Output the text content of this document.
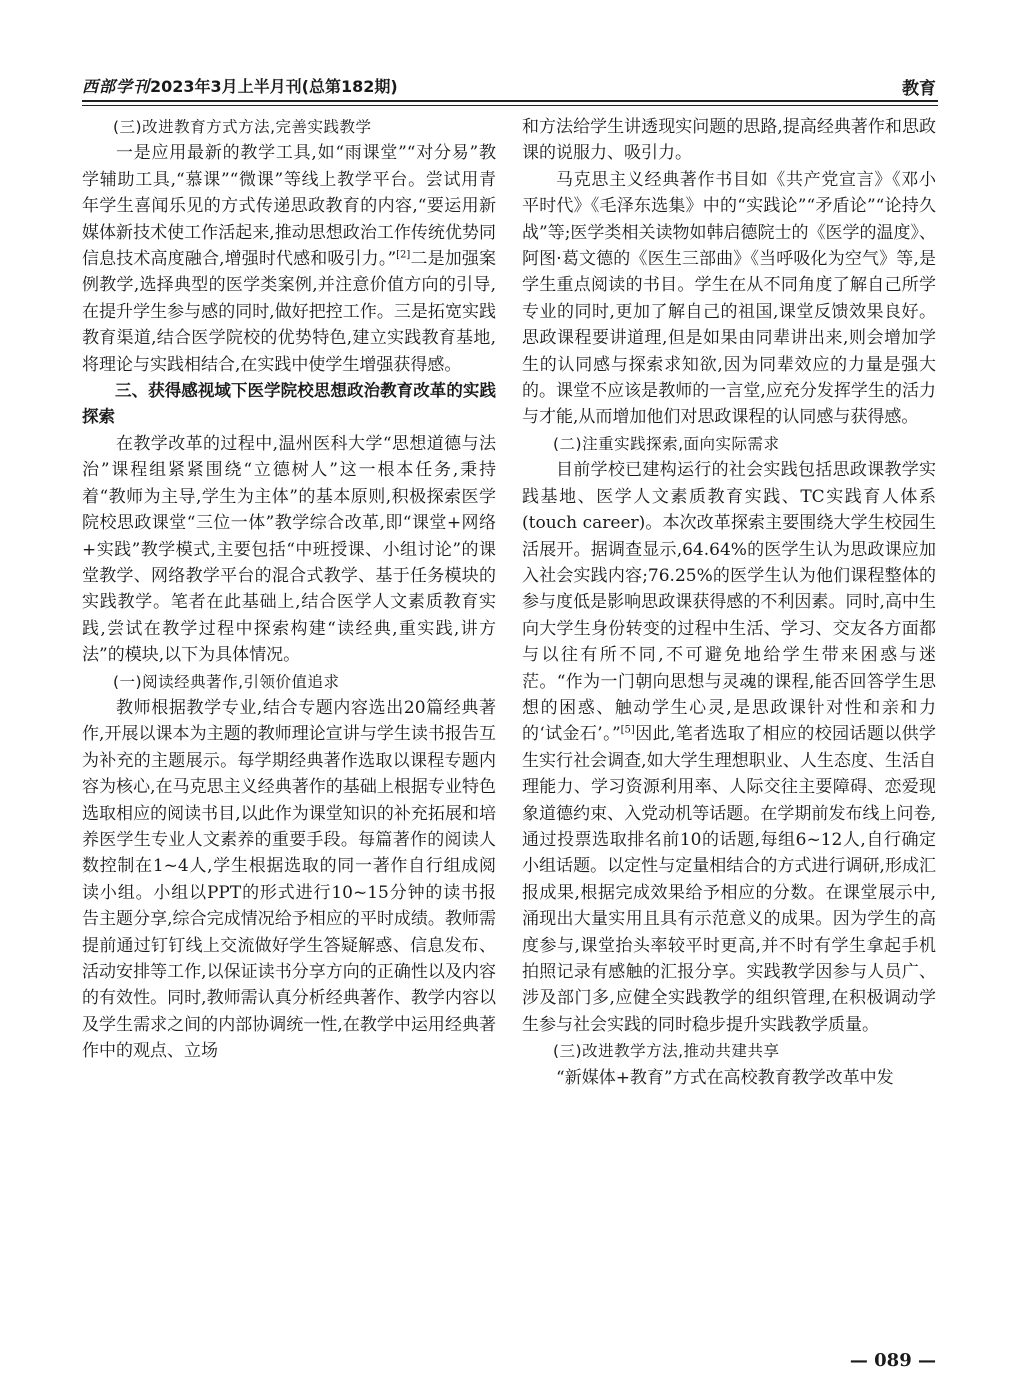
西部学刊2023年3月上半月刊(总第182期)	教育
(三)改进教育方式方法,完善实践教学

一是应用最新的教学工具,如“雨课堂”“对分易”教学辅助工具,“慕课”“微课”等线上教学平台。尝试用青年学生喜闻乐见的方式传递思政教育的内容,“要运用新媒体新技术使工作活起来,推动思想政治工作传统优势同信息技术高度融合,增强时代感和吸引力。”[2]二是加强案例教学,选择典型的医学类案例,并注意价值方向的引导,在提升学生参与感的同时,做好把控工作。三是拓宽实践教育渠道,结合医学院校的优势特色,建立实践教育基地,将理论与实践相结合,在实践中使学生增强获得感。

三、获得感视域下医学院校思想政治教育改革的实践探索

在教学改革的过程中,温州医科大学“思想道德与法治”课程组紧紧围绕“立德树人”这一根本任务,秉持着“教师为主导,学生为主体”的基本原则,积极探索医学院校思政课堂“三位一体”教学综合改革,即“课堂+网络+实践”教学模式,主要包括“中班授课、小组讨论”的课堂教学、网络教学平台的混合式教学、基于任务模块的实践教学。笔者在此基础上,结合医学人文素质教育实践,尝试在教学过程中探索构建“读经典,重实践,讲方法”的模块,以下为具体情况。

(一)阅读经典著作,引领价值追求

教师根据教学专业,结合专题内容选出20篇经典著作,开展以课本为主题的教师理论宣讲与学生读书报告互为补充的主题展示。每学期经典著作选取以课程专题内容为核心,在马克思主义经典著作的基础上根据专业特色选取相应的阅读书目,以此作为课堂知识的补充拓展和培养医学生专业人文素养的重要手段。每篇著作的阅读人数控制在1~4人,学生根据选取的同一著作自行组成阅读小组。小组以PPT的形式进行10~15分钟的读书报告主题分享,综合完成情况给予相应的平时成绩。教师需提前通过钉钉线上交流做好学生答疑解惑、信息发布、活动安排等工作,以保证读书分享方向的正确性以及内容的有效性。同时,教师需认真分析经典著作、教学内容以及学生需求之间的内部协调统一性,在教学中运用经典著作中的观点、立场

和方法给学生讲透现实问题的思路,提高经典著作和思政课的说服力、吸引力。

马克思主义经典著作书目如《共产党宣言》《邓小平时代》《毛泽东选集》中的“实践论”“矛盾论”“论持久战”等;医学类相关读物如韩启德院士的《医学的温度》、阿图·葛文德的《医生三部曲》《当呼吸化为空气》等,是学生重点阅读的书目。学生在从不同角度了解自己所学专业的同时,更加了解自己的祖国,课堂反馈效果良好。思政课程要讲道理,但是如果由同辈讲出来,则会增加学生的认同感与探索求知欲,因为同辈效应的力量是强大的。课堂不应该是教师的一言堂,应充分发挥学生的活力与才能,从而增加他们对思政课程的认同感与获得感。

(二)注重实践探索,面向实际需求

目前学校已建构运行的社会实践包括思政课教学实践基地、医学人文素质教育实践、TC实践育人体系(touch career)。本次改革探索主要围绕大学生校园生活展开。据调查显示,64.64%的医学生认为思政课应加入社会实践内容;76.25%的医学生认为他们课程整体的参与度低是影响思政课获得感的不利因素。同时,高中生向大学生身份转变的过程中生活、学习、交友各方面都与以往有所不同,不可避免地给学生带来困惑与迷茫。“作为一门朝向思想与灵魂的课程,能否回答学生思想的困惑、触动学生心灵,是思政课针对性和亲和力的‘试金石’。”[5]因此,笔者选取了相应的校园话题以供学生实行社会调查,如大学生理想职业、人生态度、生活自理能力、学习资源利用率、人际交往主要障碍、恋爱现象道德约束、入党动机等话题。在学期前发布线上问卷,通过投票选取排名前10的话题,每组6~12人,自行确定小组话题。以定性与定量相结合的方式进行调研,形成汇报成果,根据完成效果给予相应的分数。在课堂展示中,涌现出大量实用且具有示范意义的成果。因为学生的高度参与,课堂抬头率较平时更高,并不时有学生拿起手机拍照记录有感触的汇报分享。实践教学因参与人员广、涉及部门多,应健全实践教学的组织管理,在积极调动学生参与社会实践的同时稳步提升实践教学质量。

(三)改进教学方法,推动共建共享

“新媒体+教育”方式在高校教育教学改革中发

— 089 —
